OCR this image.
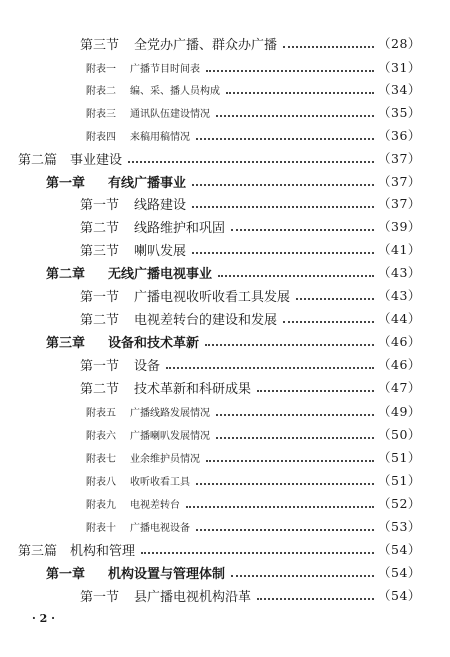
第三节	全党办广播、群众办广播	（28）
附表一	广播节目时间表	（31）
附表二	编、采、播人员构成	（34）
附表三	通讯队伍建设情况	（35）
附表四	来稿用稿情况	（36）
第二篇 事业建设	（37）
第一章	有线广播事业	（37）
第一节	线路建设	（37）
第二节	线路维护和巩固	（39）
第三节	喇叭发展	（41）
第二章	无线广播电视事业	（43）
第一节	广播电视收听收看工具发展	（43）
第二节	电视差转台的建设和发展	（44）
第三章	设备和技术革新	（46）
第一节	设备	（46）
第二节	技术革新和科研成果	（47）
附表五	广播线路发展情况	（49）
附表六	广播喇叭发展情况	（50）
附表七	业余维护员情况	（51）
附表八	收听收看工具	（51）
附表九	电视差转台	（52）
附表十	广播电视设备	（53）
第三篇 机构和管理	（54）
第一章	机构设置与管理体制	（54）
第一节	县广播电视机构沿革	（54）
· 2 ·
